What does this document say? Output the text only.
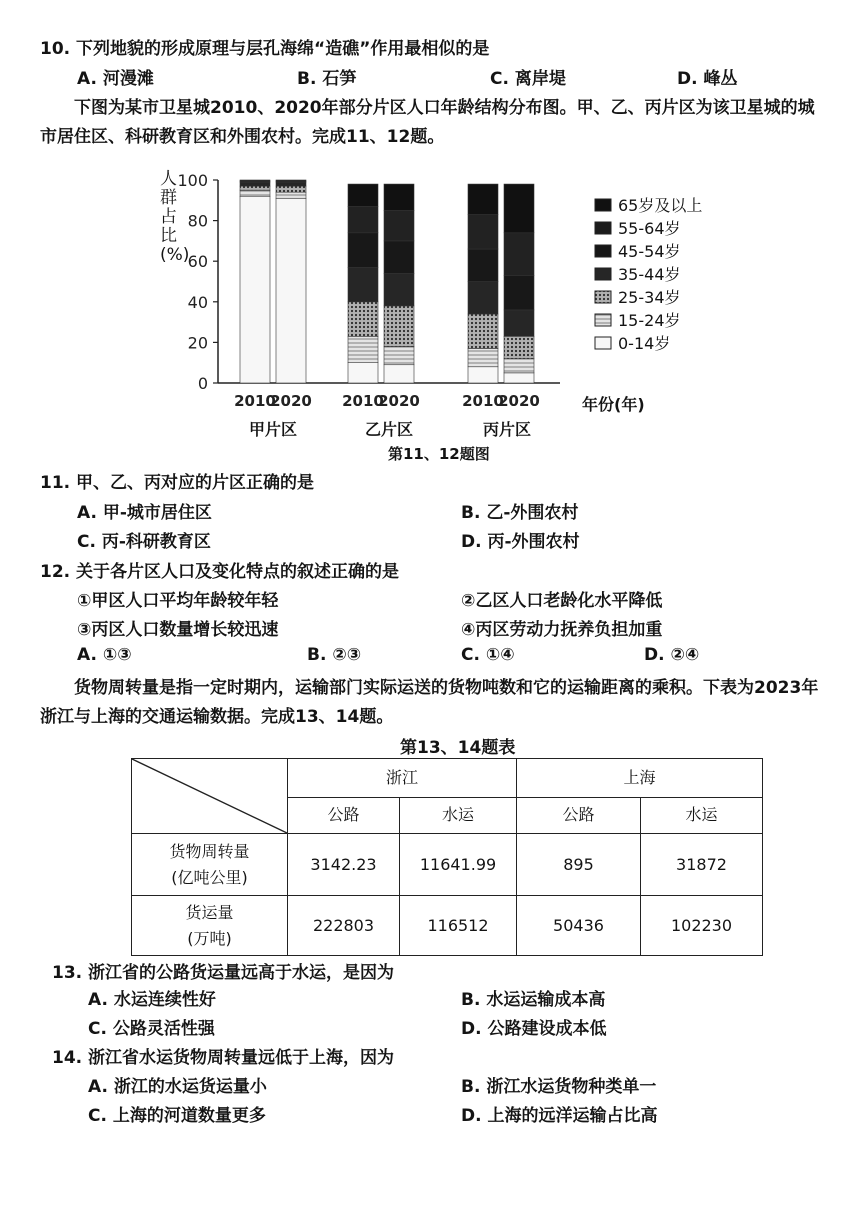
10. 下列地貌的形成原理与层孔海绵“造礁”作用最相似的是
A. 河漫滩	B. 石笋	C. 离岸堤	D. 峰丛
下图为某市卫星城2010、2020年部分片区人口年龄结构分布图。甲、乙、丙片区为该卫星城的城市居住区、科研教育区和外围农村。完成11、12题。
0
20
40
60
80
100
2010
2020 2010
2020	2010
2020
65岁及以上
55-64岁
45-54岁
35-44岁
25-34岁
15-24岁
0-14岁
人群占比(%)
年份(年)
甲片区	乙片区	丙片区
第11、12题图
11. 甲、乙、丙对应的片区正确的是
A. 甲-城市居住区	B. 乙-外围农村
C. 丙-科研教育区	D. 丙-外围农村
12. 关于各片区人口及变化特点的叙述正确的是
①甲区人口平均年龄较年轻	②乙区人口老龄化水平降低
③丙区人口数量增长较迅速	④丙区劳动力抚养负担加重
A. ①③	B. ②③	C. ①④	D. ②④
货物周转量是指一定时期内，运输部门实际运送的货物吨数和它的运输距离的乘积。下表为2023年浙江与上海的交通运输数据。完成13、14题。
第13、14题表
	浙江		上海	
	公路	水运	公路	水运

货物周转量
(亿吨公里)	3142.23	11641.99	895	31872

货运量
(万吨)	222803	116512	50436	102230
13. 浙江省的公路货运量远高于水运，是因为
A. 水运连续性好	B. 水运运输成本高
C. 公路灵活性强	D. 公路建设成本低
14. 浙江省水运货物周转量远低于上海，因为
A. 浙江的水运货运量小	B. 浙江水运货物种类单一
C. 上海的河道数量更多	D. 上海的远洋运输占比高
